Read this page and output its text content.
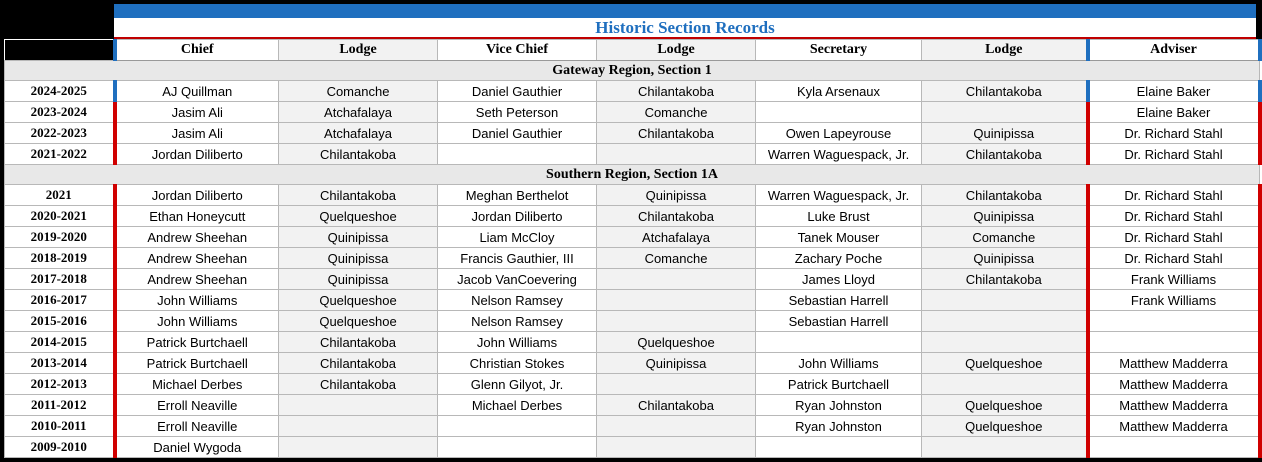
Historic Section Records
	Chief	Lodge	Vice Chief	Lodge	Secretary	Lodge	Adviser
Gateway Region, Section 1							
2024-2025	AJ Quillman	Comanche	Daniel Gauthier	Chilantakoba	Kyla Arsenaux	Chilantakoba	Elaine Baker
2023-2024	Jasim Ali	Atchafalaya	Seth Peterson	Comanche			Elaine Baker
2022-2023	Jasim Ali	Atchafalaya	Daniel Gauthier	Chilantakoba	Owen Lapeyrouse	Quinipissa	Dr. Richard Stahl
2021-2022	Jordan Diliberto	Chilantakoba			Warren Waguespack, Jr.	Chilantakoba	Dr. Richard Stahl
Southern Region, Section 1A							
2021	Jordan Diliberto	Chilantakoba	Meghan Berthelot	Quinipissa	Warren Waguespack, Jr.	Chilantakoba	Dr. Richard Stahl
2020-2021	Ethan Honeycutt	Quelqueshoe	Jordan Diliberto	Chilantakoba	Luke Brust	Quinipissa	Dr. Richard Stahl
2019-2020	Andrew Sheehan	Quinipissa	Liam McCloy	Atchafalaya	Tanek Mouser	Comanche	Dr. Richard Stahl
2018-2019	Andrew Sheehan	Quinipissa	Francis Gauthier, III	Comanche	Zachary Poche	Quinipissa	Dr. Richard Stahl
2017-2018	Andrew Sheehan	Quinipissa	Jacob VanCoevering		James Lloyd	Chilantakoba	Frank Williams
2016-2017	John Williams	Quelqueshoe	Nelson Ramsey		Sebastian Harrell		Frank Williams
2015-2016	John Williams	Quelqueshoe	Nelson Ramsey		Sebastian Harrell		
2014-2015	Patrick Burtchaell	Chilantakoba	John Williams	Quelqueshoe			
2013-2014	Patrick Burtchaell	Chilantakoba	Christian Stokes	Quinipissa	John Williams	Quelqueshoe	Matthew Madderra
2012-2013	Michael Derbes	Chilantakoba	Glenn Gilyot, Jr.		Patrick Burtchaell		Matthew Madderra
2011-2012	Erroll Neaville		Michael Derbes	Chilantakoba	Ryan Johnston	Quelqueshoe	Matthew Madderra
2010-2011	Erroll Neaville				Ryan Johnston	Quelqueshoe	Matthew Madderra
2009-2010	Daniel Wygoda						
